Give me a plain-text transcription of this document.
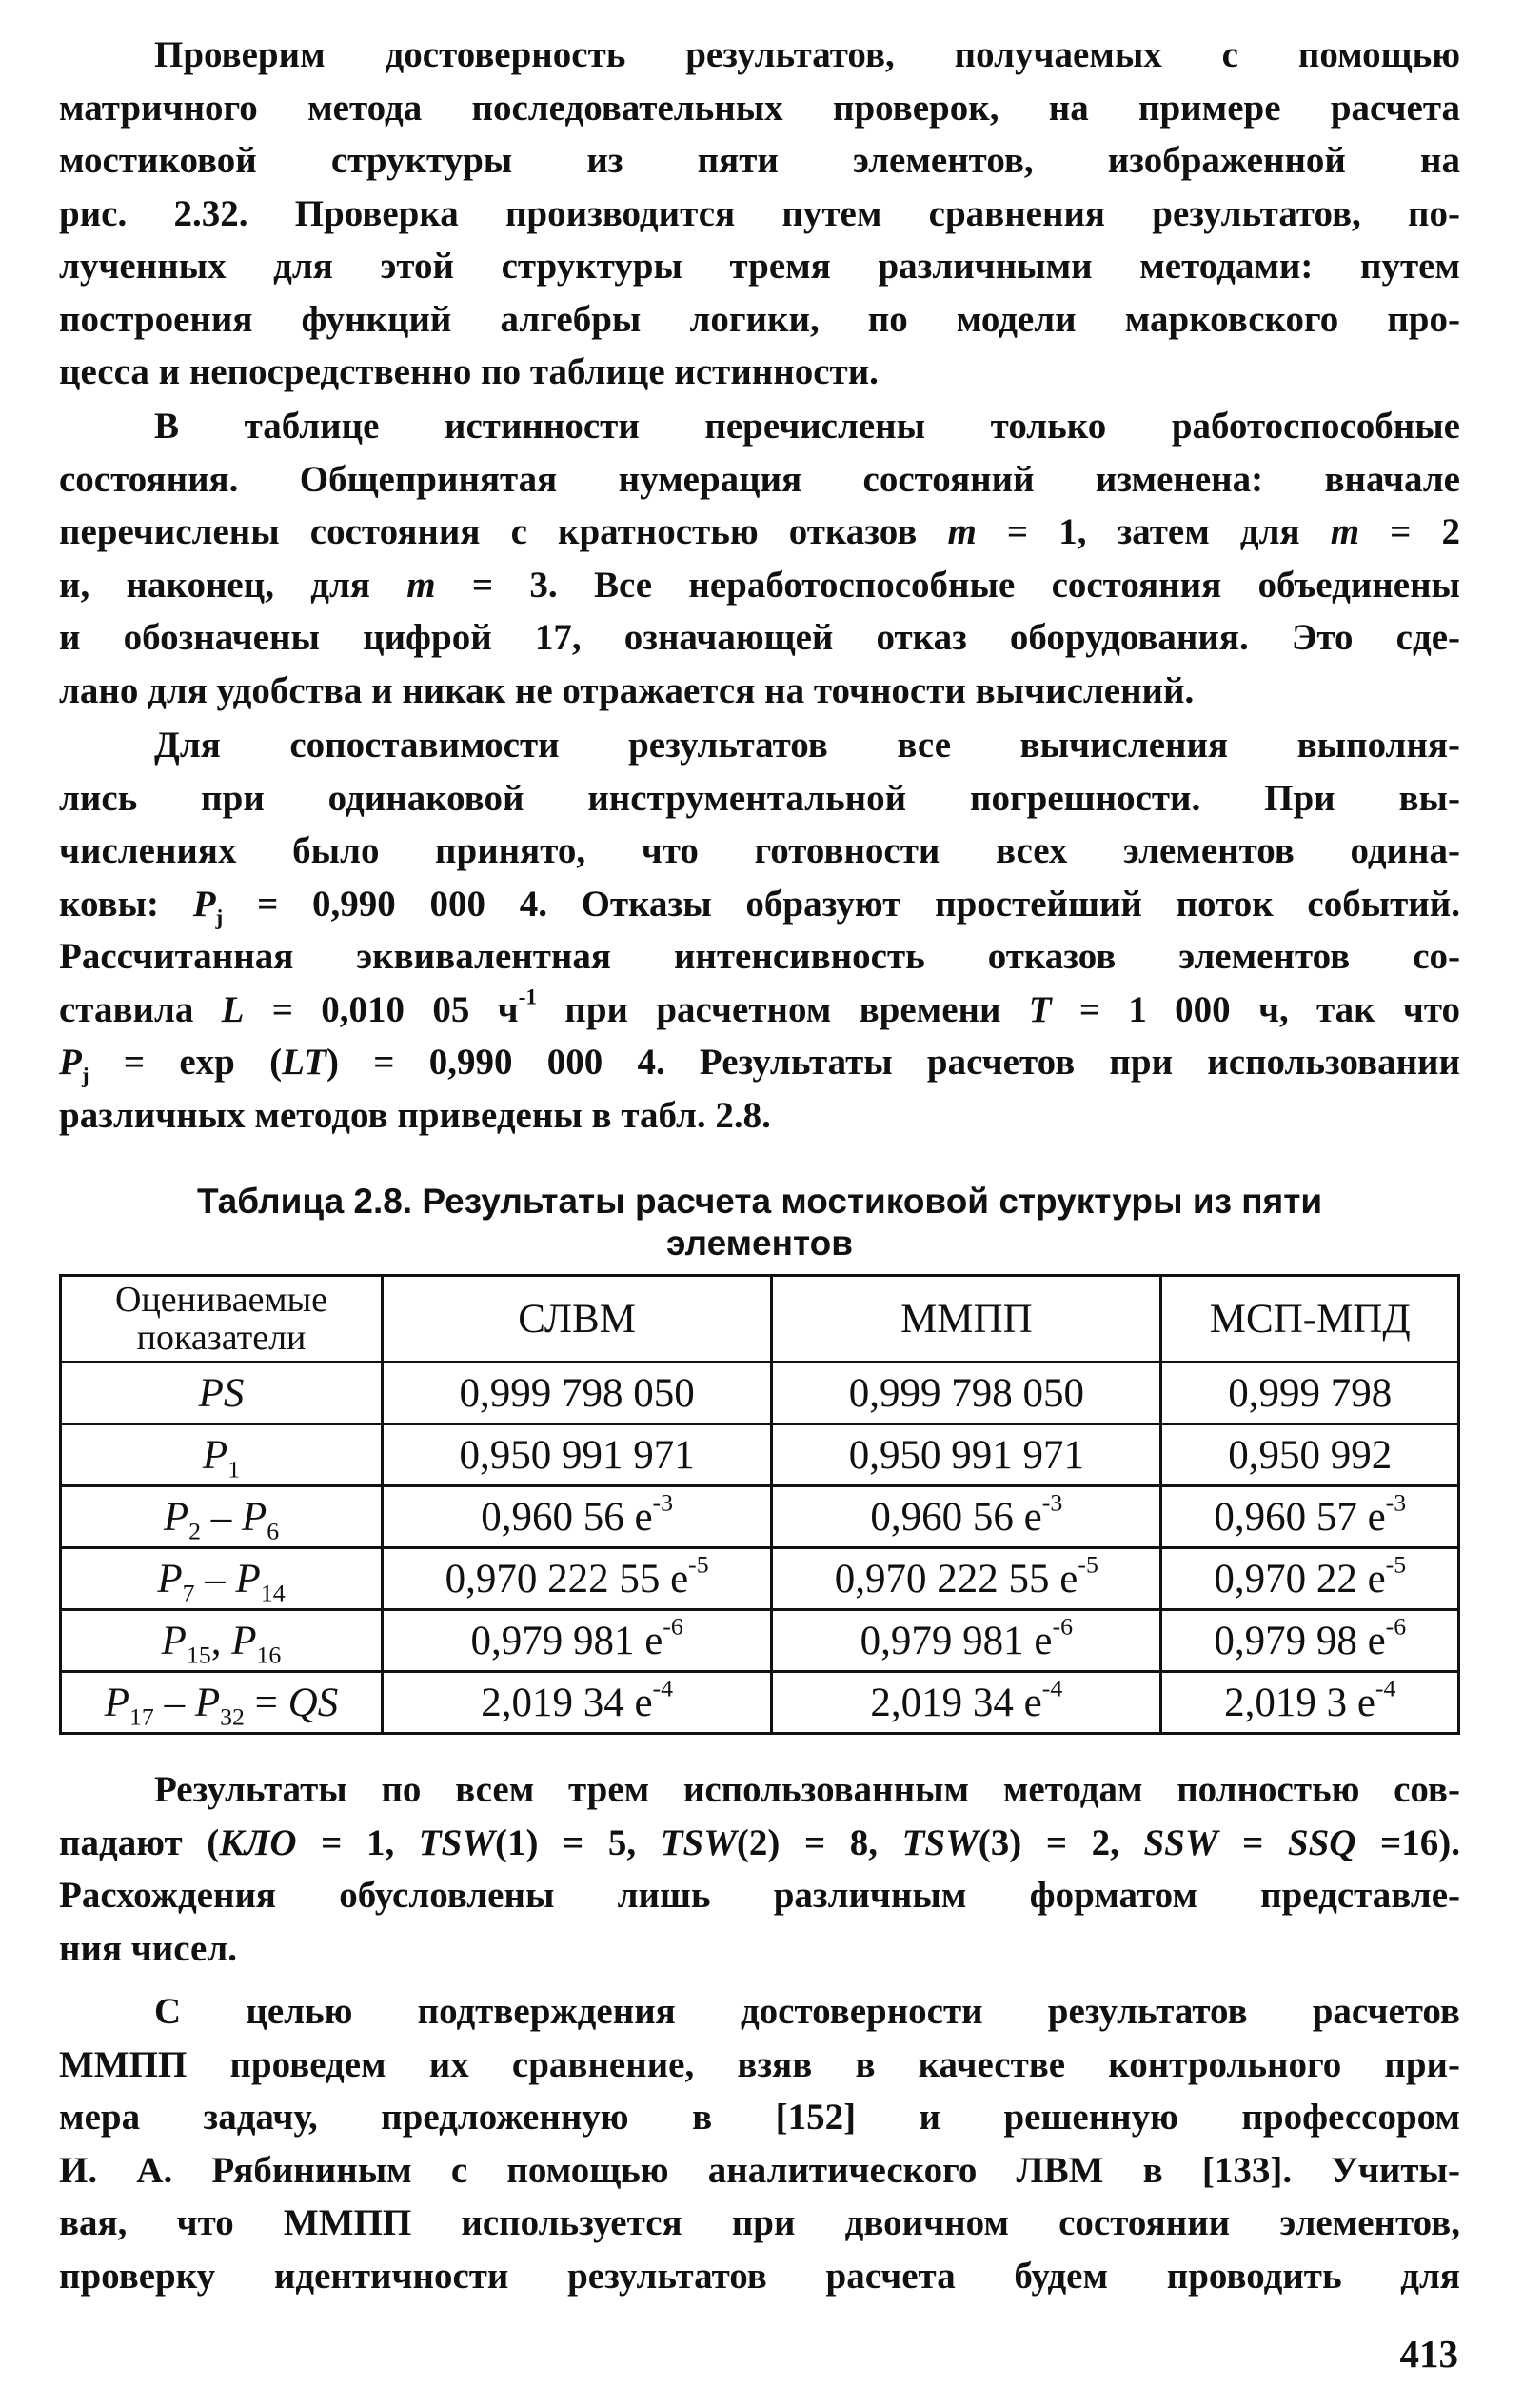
Проверим достоверность результатов, получаемых с помощью
матричного метода последовательных проверок, на примере расчета
мостиковой структуры из пяти элементов, изображенной на
рис. 2.32. Проверка производится путем сравнения результатов, по-
лученных для этой структуры тремя различными методами: путем
построения функций алгебры логики, по модели марковского про-
цесса и непосредственно по таблице истинности.
В таблице истинности перечислены только работоспособные
состояния. Общепринятая нумерация состояний изменена: вначале
перечислены состояния с кратностью отказов m = 1, затем для m = 2
и, наконец, для m = 3. Все неработоспособные состояния объединены
и обозначены цифрой 17, означающей отказ оборудования. Это сде-
лано для удобства и никак не отражается на точности вычислений.
Для сопоставимости результатов все вычисления выполня-
лись при одинаковой инструментальной погрешности. При вы-
числениях было принято, что готовности всех элементов одина-
ковы: $P_j = 0,990$ 000 4. Отказы образуют простейший поток событий.
Рассчитанная эквивалентная интенсивность отказов элементов со-
ставила L = 0,010 05 $ч^{-1}$ при расчетном времени T = 1 000 ч, так что
$P_j = \exp (LT) = 0,990$ 000 4. Результаты расчетов при использовании
различных методов приведены в табл. 2.8.
Таблица 2.8. Результаты расчета мостиковой структуры из пяти
элементов
Оцениваемые показатели	СЛВМ	ММПП	МСП-МПД
PS	0,999 798 050	0,999 798 050	0,999 798
$P_1$	0,950 991 971	0,950 991 971	0,950 992
$P_2 - P_6$	0,960 56 $e^{-3}$	0,960 56 $e^{-3}$	0,960 57 $e^{-3}$
$P_7 - P_{14}$	0,970 222 55 $e^{-5}$	0,970 222 55 $e^{-5}$	0,970 22 $e^{-5}$
$P_{15}$, $P_{16}$	0,979 981 $e^{-6}$	0,979 981 $e^{-6}$	0,979 98 $e^{-6}$
$P_{17} - P_{32}$ = QS	2,019 34 $e^{-4}$	2,019 34 $e^{-4}$	2,019 3 $e^{-4}$
Результаты по всем трем использованным методам полностью сов-
падают (КЛО = 1, TSW(1) = 5, TSW(2) = 8, TSW(3) = 2, SSW = SSQ =16).
Расхождения обусловлены лишь различным форматом представле-
ния чисел.
С целью подтверждения достоверности результатов расчетов
ММПП проведем их сравнение, взяв в качестве контрольного при-
мера задачу, предложенную в [152] и решенную профессором
И. А. Рябининым с помощью аналитического ЛВМ в [133]. Учиты-
вая, что ММПП используется при двоичном состоянии элементов,
проверку идентичности результатов расчета будем проводить для
413
